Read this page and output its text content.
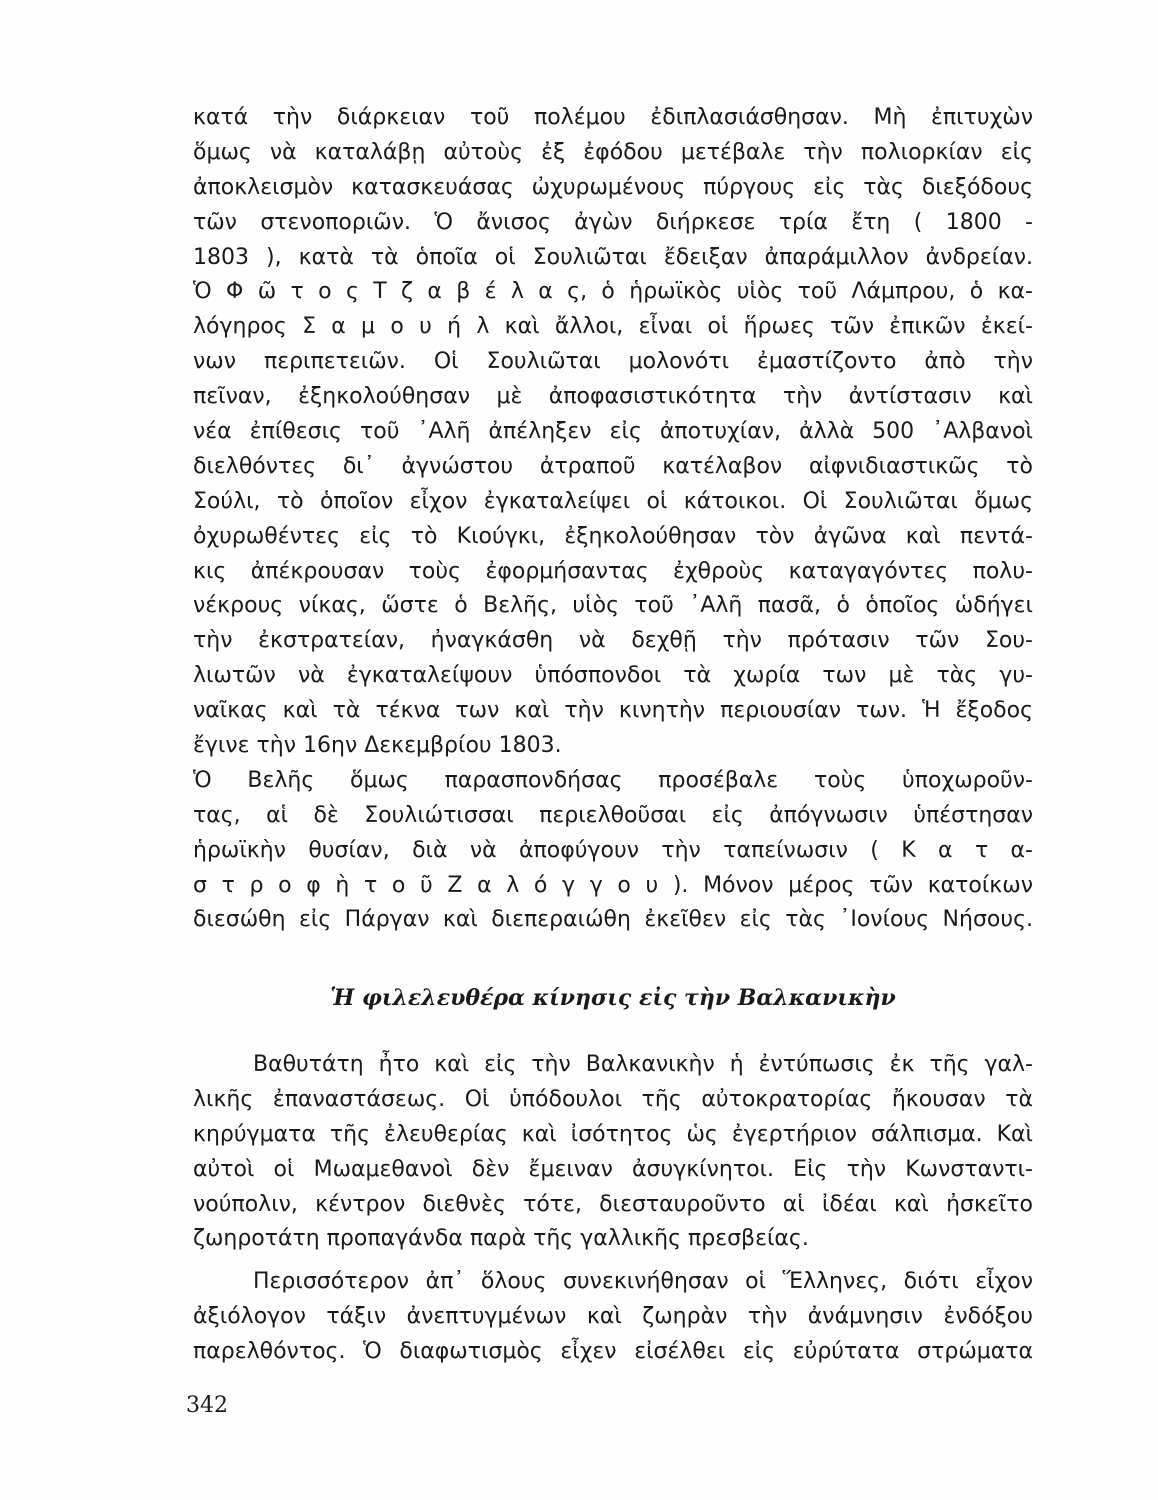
κατά τὴν διάρκειαν τοῦ πολέμου ἐδιπλασιάσθησαν. Μὴ ἐπιτυχὼν
ὅμως νὰ καταλάβῃ αὐτοὺς ἐξ ἐφόδου μετέβαλε τὴν πολιορκίαν εἰς
ἀποκλεισμὸν κατασκευάσας ὠχυρωμένους πύργους εἰς τὰς διεξόδους
τῶν στενοποριῶν. Ὁ ἄνισος ἀγὼν διήρκεσε τρία ἔτη ( 1800 -
1803 ), κατὰ τὰ ὁποῖα οἱ Σουλιῶται ἔδειξαν ἀπαράμιλλον ἀνδρείαν.
Ὁ Φ ῶ τ ο ς Τ ζ α β έ λ α ς, ὁ ἡρωϊκὸς υἱὸς τοῦ Λάμπρου, ὁ κα-
λόγηρος Σ α μ ο υ ή λ καὶ ἄλλοι, εἶναι οἱ ἥρωες τῶν ἐπικῶν ἐκεί-
νων περιπετειῶν. Οἱ Σουλιῶται μολονότι ἐμαστίζοντο ἀπὸ τὴν
πεῖναν, ἐξηκολούθησαν μὲ ἀποφασιστικότητα τὴν ἀντίστασιν καὶ
νέα ἐπίθεσις τοῦ ᾽Αλῆ ἀπέληξεν εἰς ἀποτυχίαν, ἀλλὰ 500 ᾽Αλβανοὶ
διελθόντες δι᾽ ἀγνώστου ἀτραποῦ κατέλαβον αἰφνιδιαστικῶς τὸ
Σούλι, τὸ ὁποῖον εἶχον ἐγκαταλείψει οἱ κάτοικοι. Οἱ Σουλιῶται ὅμως
ὀχυρωθέντες εἰς τὸ Κιούγκι, ἐξηκολούθησαν τὸν ἀγῶνα καὶ πεντά-
κις ἀπέκρουσαν τοὺς ἐφορμήσαντας ἐχθροὺς καταγαγόντες πολυ-
νέκρους νίκας, ὥστε ὁ Βελῆς, υἱὸς τοῦ ᾽Αλῆ πασᾶ, ὁ ὁποῖος ὡδήγει
τὴν ἐκστρατείαν, ἠναγκάσθη νὰ δεχθῇ τὴν πρότασιν τῶν Σου-
λιωτῶν νὰ ἐγκαταλείψουν ὑπόσπονδοι τὰ χωρία των μὲ τὰς γυ-
ναῖκας καὶ τὰ τέκνα των καὶ τὴν κινητὴν περιουσίαν των. Ἡ ἔξοδος
ἔγινε τὴν 16ην Δεκεμβρίου 1803.
Ὁ Βελῆς ὅμως παρασπονδήσας προσέβαλε τοὺς ὑποχωροῦν-
τας, αἱ δὲ Σουλιώτισσαι περιελθοῦσαι εἰς ἀπόγνωσιν ὑπέστησαν
ἡρωϊκὴν θυσίαν, διὰ νὰ ἀποφύγουν τὴν ταπείνωσιν ( Κ α τ α-
σ τ ρ ο φ ὴ τ ο ῦ Ζ α λ ό γ γ ο υ ). Μόνον μέρος τῶν κατοίκων
διεσώθη εἰς Πάργαν καὶ διεπεραιώθη ἐκεῖθεν εἰς τὰς ᾽Ιονίους Νήσους.
Ἡ φιλελευθέρα κίνησις εἰς τὴν Βαλκανικὴν
Βαθυτάτη ἦτο καὶ εἰς τὴν Βαλκανικὴν ἡ ἐντύπωσις ἐκ τῆς γαλ-
λικῆς ἐπαναστάσεως. Οἱ ὑπόδουλοι τῆς αὐτοκρατορίας ἤκουσαν τὰ
κηρύγματα τῆς ἐλευθερίας καὶ ἰσότητος ὡς ἐγερτήριον σάλπισμα. Καὶ
αὐτοὶ οἱ Μωαμεθανοὶ δὲν ἔμειναν ἀσυγκίνητοι. Εἰς τὴν Κωνσταντι-
νούπολιν, κέντρον διεθνὲς τότε, διεσταυροῦντο αἱ ἰδέαι καὶ ἠσκεῖτο
ζωηροτάτη προπαγάνδα παρὰ τῆς γαλλικῆς πρεσβείας.
Περισσότερον ἀπ᾽ ὅλους συνεκινήθησαν οἱ Ἕλληνες, διότι εἶχον
ἀξιόλογον τάξιν ἀνεπτυγμένων καὶ ζωηρὰν τὴν ἀνάμνησιν ἐνδόξου
παρελθόντος. Ὁ διαφωτισμὸς εἶχεν εἰσέλθει εἰς εὐρύτατα στρώματα
342
